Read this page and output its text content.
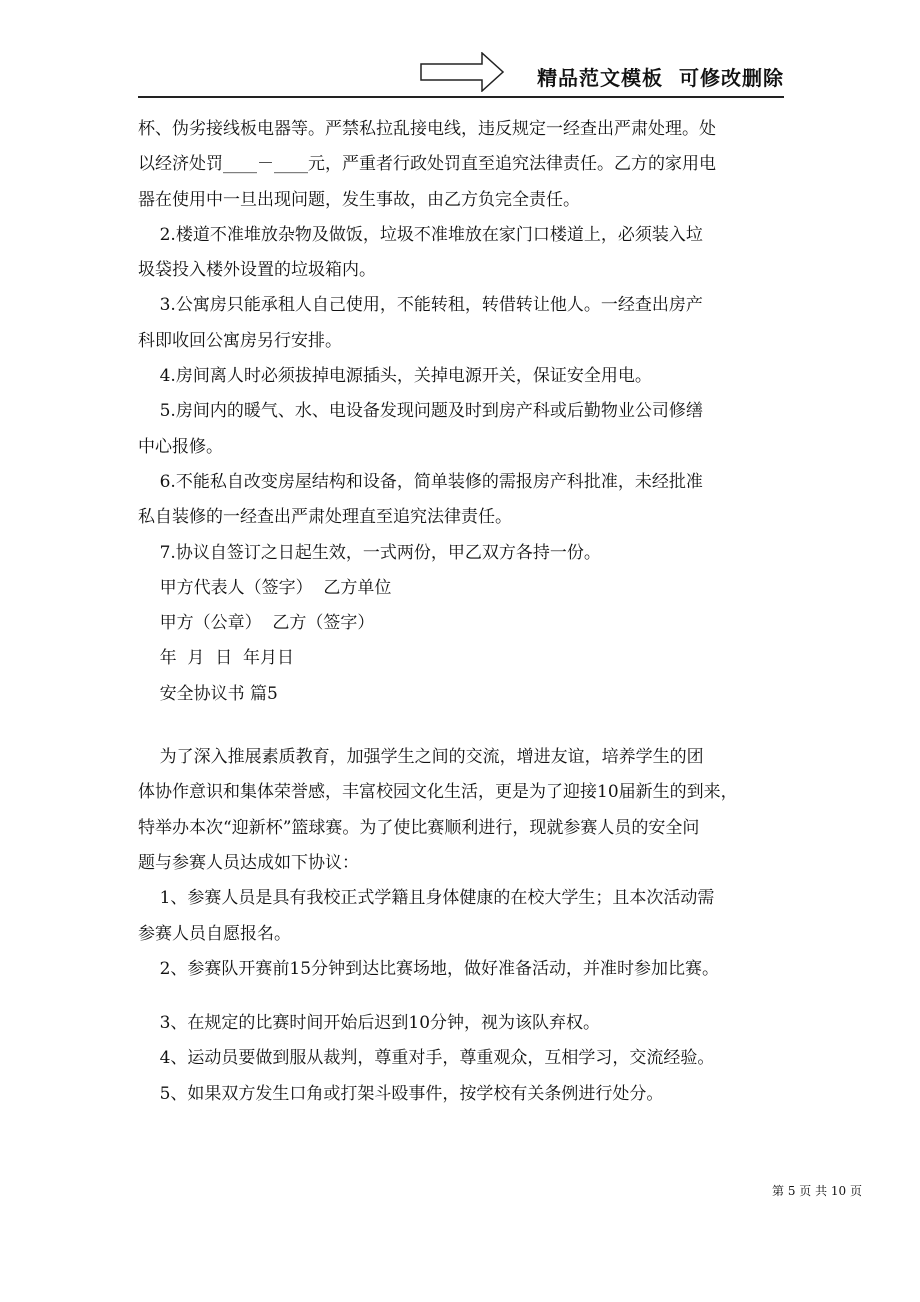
精品范文模板  可修改删除

杯、伪劣接线板电器等。严禁私拉乱接电线，违反规定一经查出严肃处理。处

以经济处罚____－____元，严重者行政处罚直至追究法律责任。乙方的家用电

器在使用中一旦出现问题，发生事故，由乙方负完全责任。

2.楼道不准堆放杂物及做饭，垃圾不准堆放在家门口楼道上，必须装入垃

圾袋投入楼外设置的垃圾箱内。

3.公寓房只能承租人自己使用，不能转租，转借转让他人。一经查出房产

科即收回公寓房另行安排。

4.房间离人时必须拔掉电源插头，关掉电源开关，保证安全用电。

5.房间内的暖气、水、电设备发现问题及时到房产科或后勤物业公司修缮

中心报修。

6.不能私自改变房屋结构和设备，简单装修的需报房产科批准，未经批准

私自装修的一经查出严肃处理直至追究法律责任。

7.协议自签订之日起生效，一式两份，甲乙双方各持一份。

甲方代表人（签字）  乙方单位

甲方（公章）  乙方（签字）

年  月  日  年月日

安全协议书 篇5

为了深入推展素质教育，加强学生之间的交流，增进友谊，培养学生的团

体协作意识和集体荣誉感，丰富校园文化生活，更是为了迎接10届新生的到来，

特举办本次“迎新杯”篮球赛。为了使比赛顺利进行，现就参赛人员的安全问

题与参赛人员达成如下协议：

1、参赛人员是具有我校正式学籍且身体健康的在校大学生；且本次活动需

参赛人员自愿报名。

2、参赛队开赛前15分钟到达比赛场地，做好准备活动，并准时参加比赛。

3、在规定的比赛时间开始后迟到10分钟，视为该队弃权。

4、运动员要做到服从裁判，尊重对手，尊重观众，互相学习，交流经验。

5、如果双方发生口角或打架斗殴事件，按学校有关条例进行处分。

第 5 页 共 10 页
